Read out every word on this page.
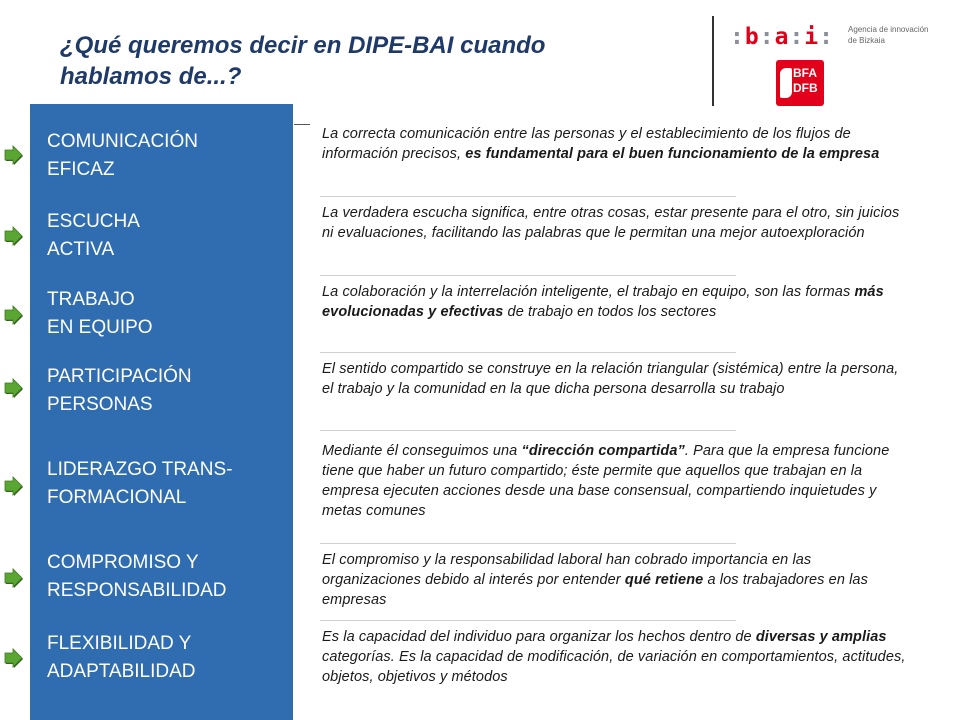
¿Qué queremos decir en DIPE-BAI cuando
hablamos de...?
:b:a:i: Agencia de innovación
de Bizkaia
BFA
DFB
COMUNICACIÓN
EFICAZ
La correcta comunicación entre las personas y el establecimiento de los flujos de información precisos, es fundamental para el buen funcionamiento de la empresa
ESCUCHA
ACTIVA
La verdadera escucha significa, entre otras cosas, estar presente para el otro, sin juicios ni evaluaciones, facilitando las palabras que le permitan una mejor autoexploración
TRABAJO
EN EQUIPO
La colaboración y la interrelación inteligente, el trabajo en equipo, son las formas más evolucionadas y efectivas de trabajo en todos los sectores
PARTICIPACIÓN
PERSONAS
El sentido compartido se construye en la relación triangular (sistémica) entre la persona, el trabajo y la comunidad en la que dicha persona desarrolla su trabajo
LIDERAZGO TRANS-
FORMACIONAL
Mediante él conseguimos una “dirección compartida”. Para que la empresa funcione tiene que haber un futuro compartido; éste permite que aquellos que trabajan en la empresa ejecuten acciones desde una base consensual, compartiendo inquietudes y metas comunes
COMPROMISO Y
RESPONSABILIDAD
El compromiso y la responsabilidad laboral han cobrado importancia en las organizaciones debido al interés por entender qué retiene a los trabajadores en las empresas
FLEXIBILIDAD Y
ADAPTABILIDAD
Es la capacidad del individuo para organizar los hechos dentro de diversas y amplias categorías. Es la capacidad de modificación, de variación en comportamientos, actitudes, objetos, objetivos y métodos
